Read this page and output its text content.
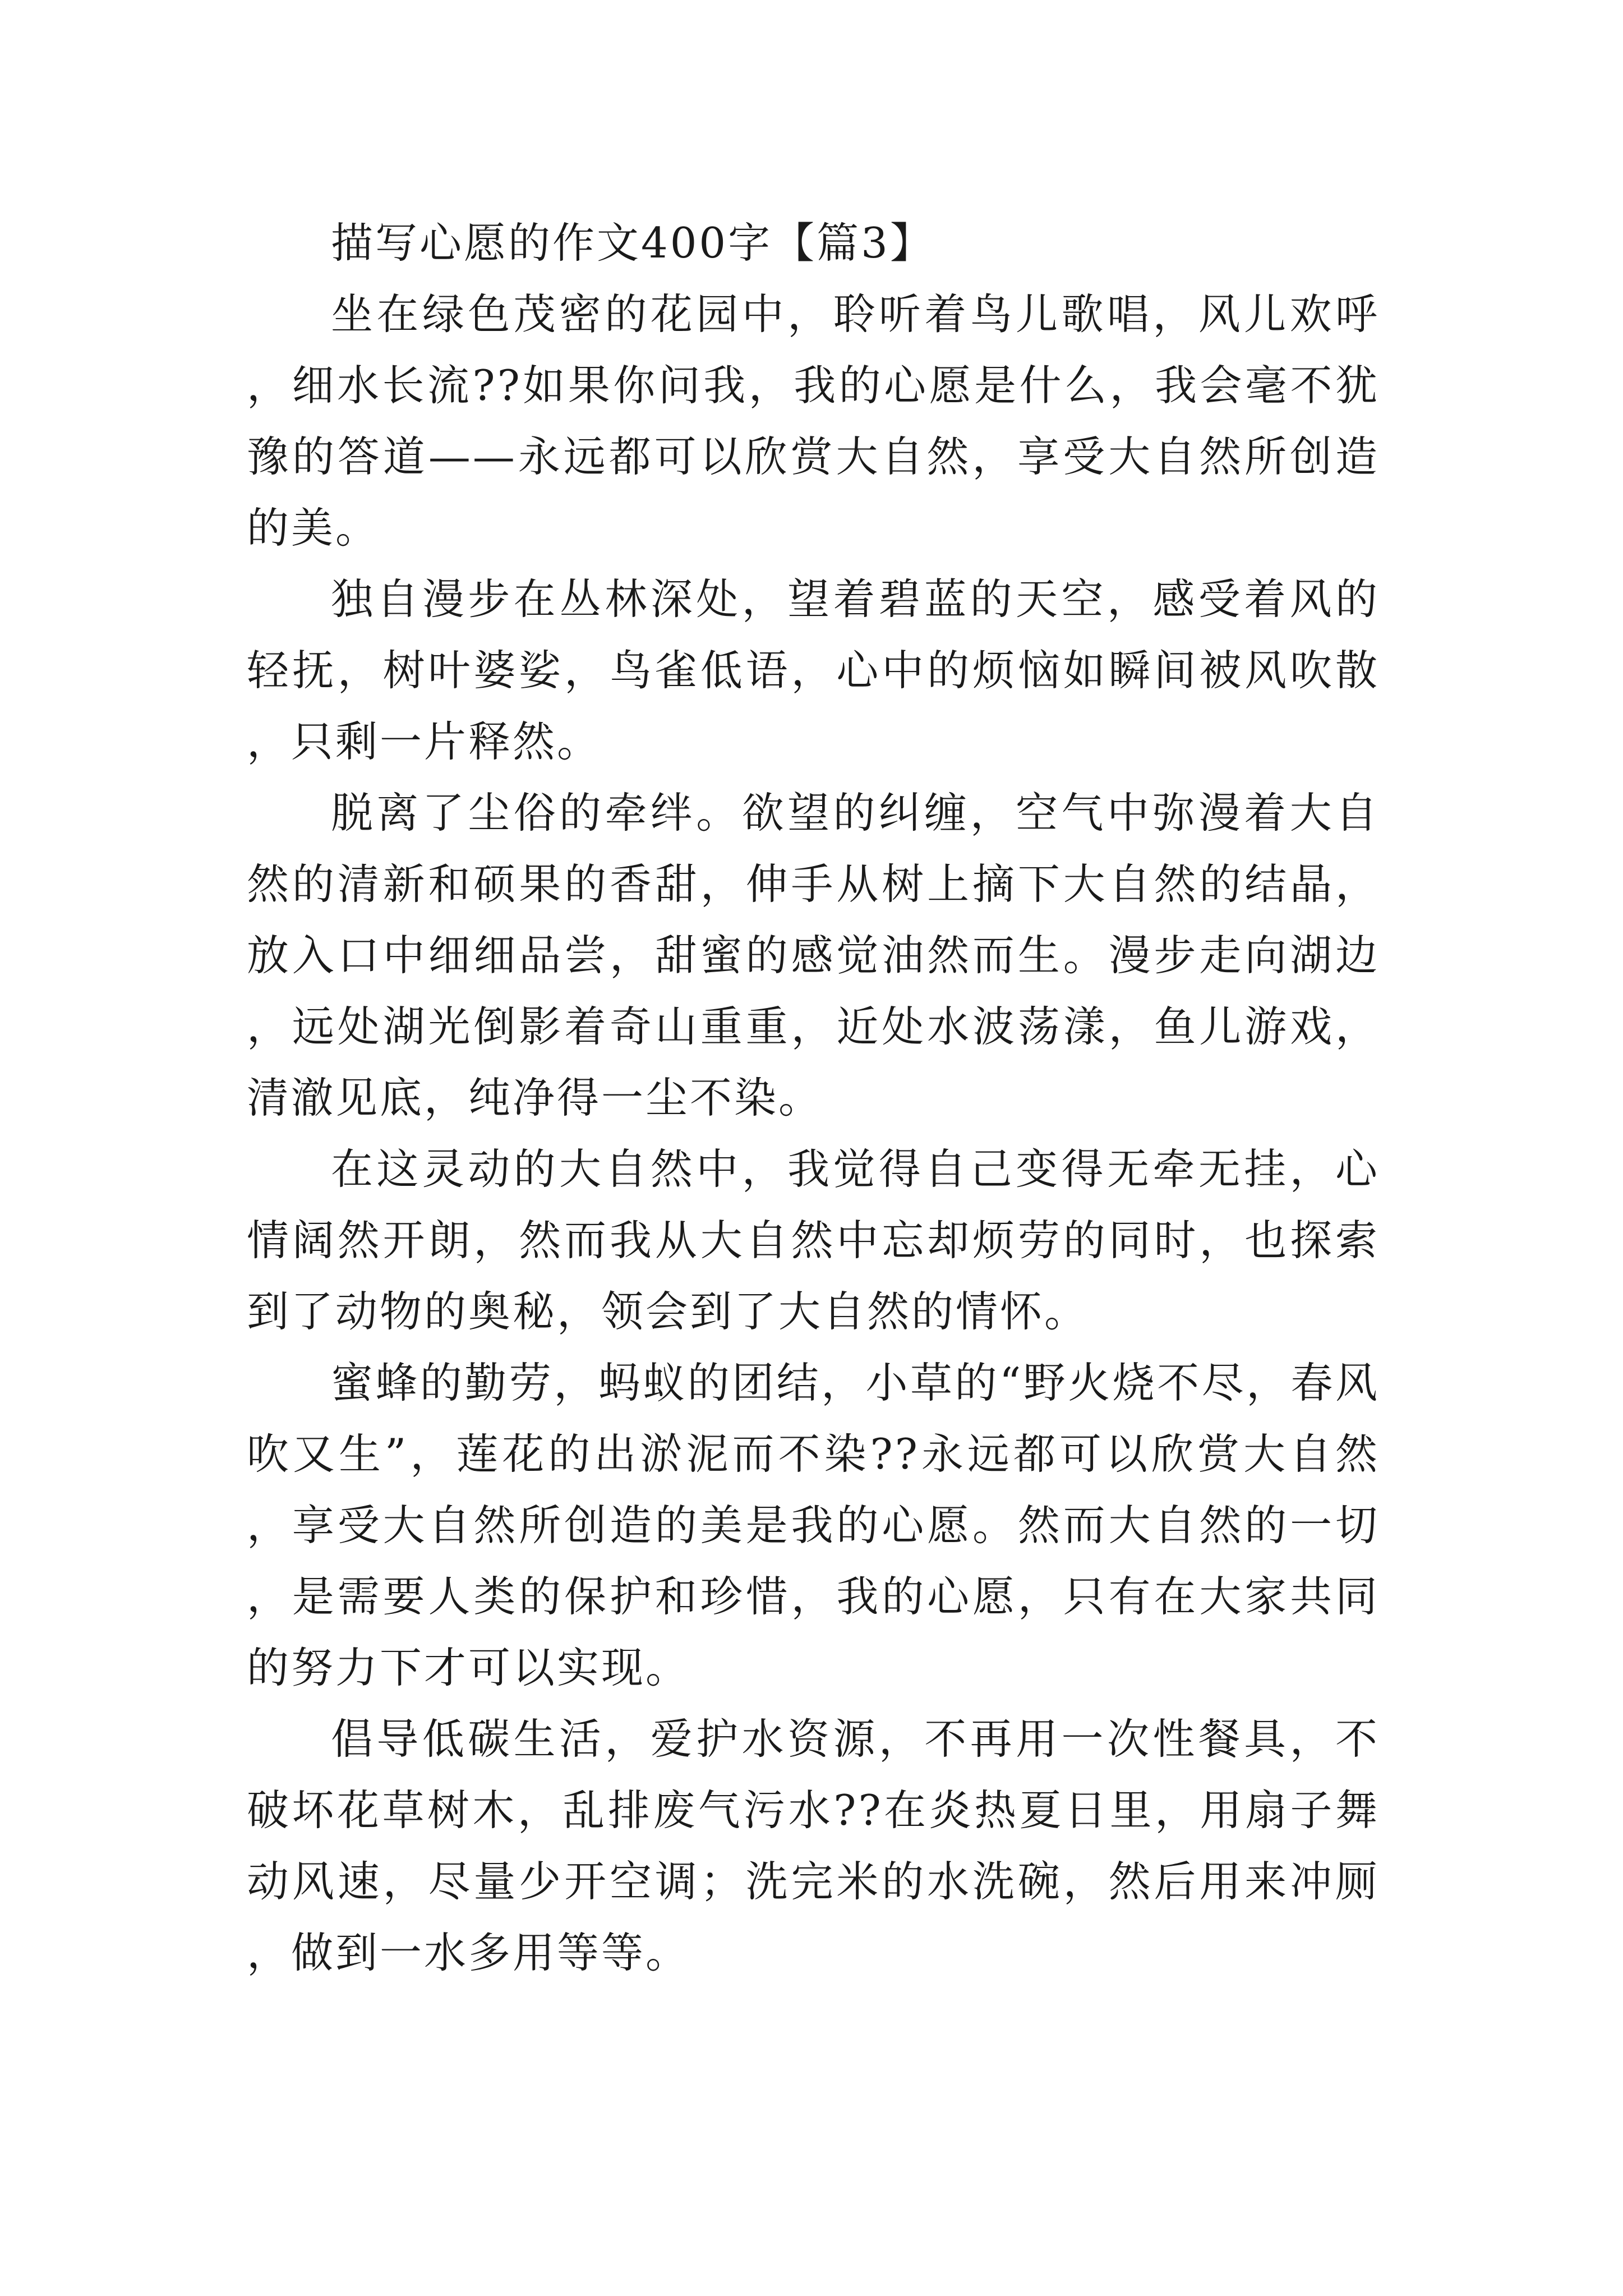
描写心愿的作文400字【篇3】

坐在绿色茂密的花园中，聆听着鸟儿歌唱，风儿欢呼，细水长流??如果你问我，我的心愿是什么，我会毫不犹豫的答道——永远都可以欣赏大自然，享受大自然所创造的美。

独自漫步在丛林深处，望着碧蓝的天空，感受着风的轻抚，树叶婆娑，鸟雀低语，心中的烦恼如瞬间被风吹散，只剩一片释然。

脱离了尘俗的牵绊。欲望的纠缠，空气中弥漫着大自然的清新和硕果的香甜，伸手从树上摘下大自然的结晶，放入口中细细品尝，甜蜜的感觉油然而生。漫步走向湖边，远处湖光倒影着奇山重重，近处水波荡漾，鱼儿游戏，清澈见底，纯净得一尘不染。

在这灵动的大自然中，我觉得自己变得无牵无挂，心情阔然开朗，然而我从大自然中忘却烦劳的同时，也探索到了动物的奥秘，领会到了大自然的情怀。

蜜蜂的勤劳，蚂蚁的团结，小草的“野火烧不尽，春风吹又生”，莲花的出淤泥而不染??永远都可以欣赏大自然，享受大自然所创造的美是我的心愿。然而大自然的一切，是需要人类的保护和珍惜，我的心愿，只有在大家共同的努力下才可以实现。

倡导低碳生活，爱护水资源，不再用一次性餐具，不破坏花草树木，乱排废气污水??在炎热夏日里，用扇子舞动风速，尽量少开空调；洗完米的水洗碗，然后用来冲厕，做到一水多用等等。
